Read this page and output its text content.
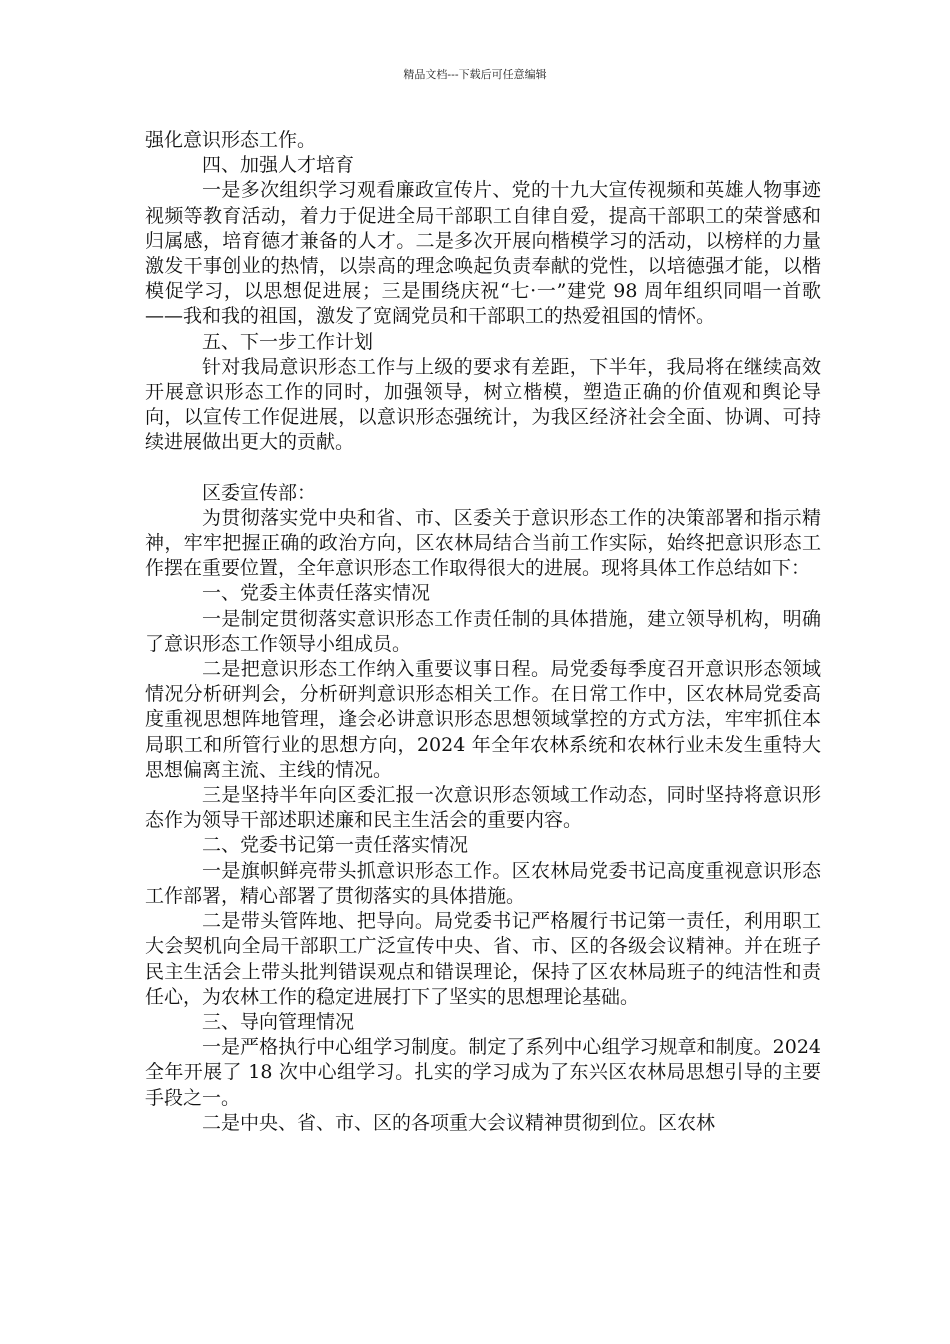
精品文档---下载后可任意编辑

强化意识形态工作。

四、加强人才培育

一是多次组织学习观看廉政宣传片、党的十九大宣传视频和英雄人物事迹视频等教育活动，着力于促进全局干部职工自律自爱，提高干部职工的荣誉感和归属感，培育德才兼备的人才。二是多次开展向楷模学习的活动，以榜样的力量激发干事创业的热情，以崇高的理念唤起负责奉献的党性，以培德强才能，以楷模促学习，以思想促进展；三是围绕庆祝“七·一”建党 98 周年组织同唱一首歌——我和我的祖国，激发了宽阔党员和干部职工的热爱祖国的情怀。

五、下一步工作计划

针对我局意识形态工作与上级的要求有差距，下半年，我局将在继续高效开展意识形态工作的同时，加强领导，树立楷模，塑造正确的价值观和舆论导向，以宣传工作促进展，以意识形态强统计，为我区经济社会全面、协调、可持续进展做出更大的贡献。

区委宣传部：

为贯彻落实党中央和省、市、区委关于意识形态工作的决策部署和指示精神，牢牢把握正确的政治方向，区农林局结合当前工作实际，始终把意识形态工作摆在重要位置，全年意识形态工作取得很大的进展。现将具体工作总结如下：

一、党委主体责任落实情况

一是制定贯彻落实意识形态工作责任制的具体措施，建立领导机构，明确了意识形态工作领导小组成员。

二是把意识形态工作纳入重要议事日程。局党委每季度召开意识形态领域情况分析研判会，分析研判意识形态相关工作。在日常工作中，区农林局党委高度重视思想阵地管理，逢会必讲意识形态思想领域掌控的方式方法，牢牢抓住本局职工和所管行业的思想方向，2024 年全年农林系统和农林行业未发生重特大思想偏离主流、主线的情况。

三是坚持半年向区委汇报一次意识形态领域工作动态，同时坚持将意识形态作为领导干部述职述廉和民主生活会的重要内容。

二、党委书记第一责任落实情况

一是旗帜鲜亮带头抓意识形态工作。区农林局党委书记高度重视意识形态工作部署，精心部署了贯彻落实的具体措施。

二是带头管阵地、把导向。局党委书记严格履行书记第一责任，利用职工大会契机向全局干部职工广泛宣传中央、省、市、区的各级会议精神。并在班子民主生活会上带头批判错误观点和错误理论，保持了区农林局班子的纯洁性和责任心，为农林工作的稳定进展打下了坚实的思想理论基础。

三、导向管理情况

一是严格执行中心组学习制度。制定了系列中心组学习规章和制度。2024 全年开展了 18 次中心组学习。扎实的学习成为了东兴区农林局思想引导的主要手段之一。

二是中央、省、市、区的各项重大会议精神贯彻到位。区农林
